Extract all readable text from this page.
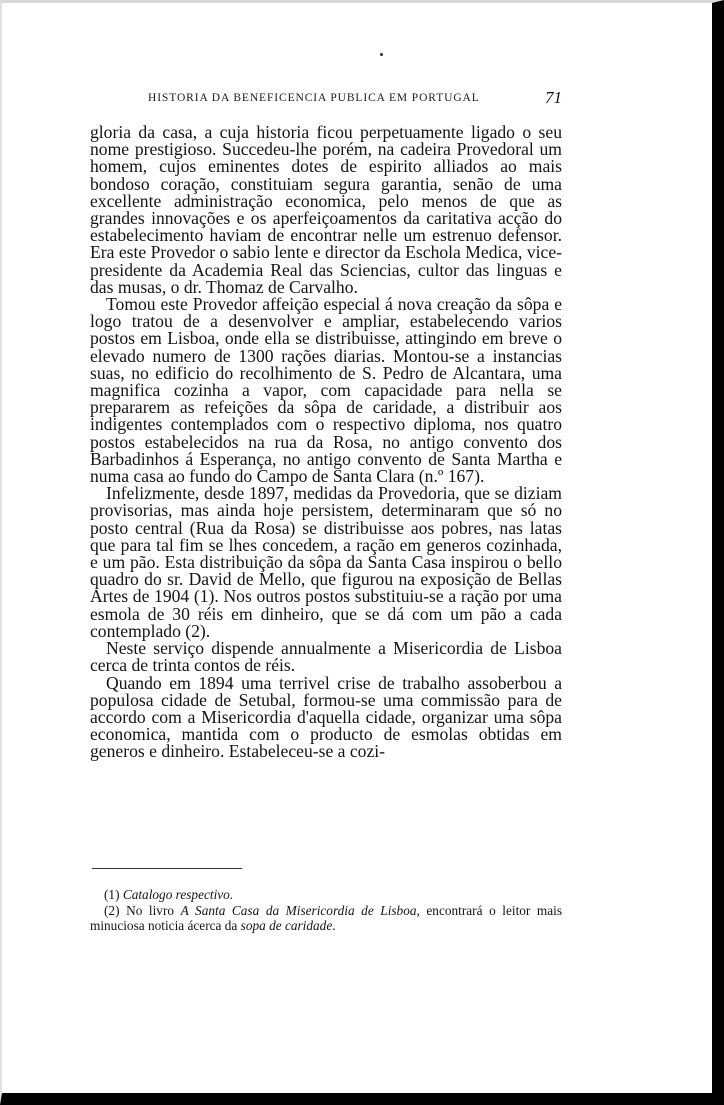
HISTORIA DA BENEFICENCIA PUBLICA EM PORTUGAL	71

gloria da casa, a cuja historia ficou perpetuamente ligado o seu nome prestigioso. Succedeu-lhe porém, na cadeira Provedoral um homem, cujos eminentes dotes de espirito alliados ao mais bondoso coração, constituiam segura garantia, senão de uma excellente administração economica, pelo menos de que as grandes innovações e os aperfeiçoamentos da caritativa acção do estabelecimento haviam de encontrar nelle um estrenuo defensor. Era este Provedor o sabio lente e director da Eschola Medica, vice-presidente da Academia Real das Sciencias, cultor das linguas e das musas, o dr. Thomaz de Carvalho.

Tomou este Provedor affeição especial á nova creação da sôpa e logo tratou de a desenvolver e ampliar, estabelecendo varios postos em Lisboa, onde ella se distribuisse, attingindo em breve o elevado numero de 1300 rações diarias. Montou-se a instancias suas, no edificio do recolhimento de S. Pedro de Alcantara, uma magnifica cozinha a vapor, com capacidade para nella se prepararem as refeições da sôpa de caridade, a distribuir aos indigentes contemplados com o respectivo diploma, nos quatro postos estabelecidos na rua da Rosa, no antigo convento dos Barbadinhos á Esperança, no antigo convento de Santa Martha e numa casa ao fundo do Campo de Santa Clara (n.º 167).

Infelizmente, desde 1897, medidas da Provedoria, que se diziam provisorias, mas ainda hoje persistem, determinaram que só no posto central (Rua da Rosa) se distribuisse aos pobres, nas latas que para tal fim se lhes concedem, a ração em generos cozinhada, e um pão. Esta distribuição da sôpa da Santa Casa inspirou o bello quadro do sr. David de Mello, que figurou na exposição de Bellas Artes de 1904 (1). Nos outros postos substituiu-se a ração por uma esmola de 30 réis em dinheiro, que se dá com um pão a cada contemplado (2).

Neste serviço dispende annualmente a Misericordia de Lisboa cerca de trinta contos de réis.

Quando em 1894 uma terrivel crise de trabalho assoberbou a populosa cidade de Setubal, formou-se uma commissão para de accordo com a Misericordia d'aquella cidade, organizar uma sôpa economica, mantida com o producto de esmolas obtidas em generos e dinheiro. Estabeleceu-se a cozi-

(1) Catalogo respectivo.

(2) No livro A Santa Casa da Misericordia de Lisboa, encontrará o leitor mais minuciosa noticia ácerca da sopa de caridade.
